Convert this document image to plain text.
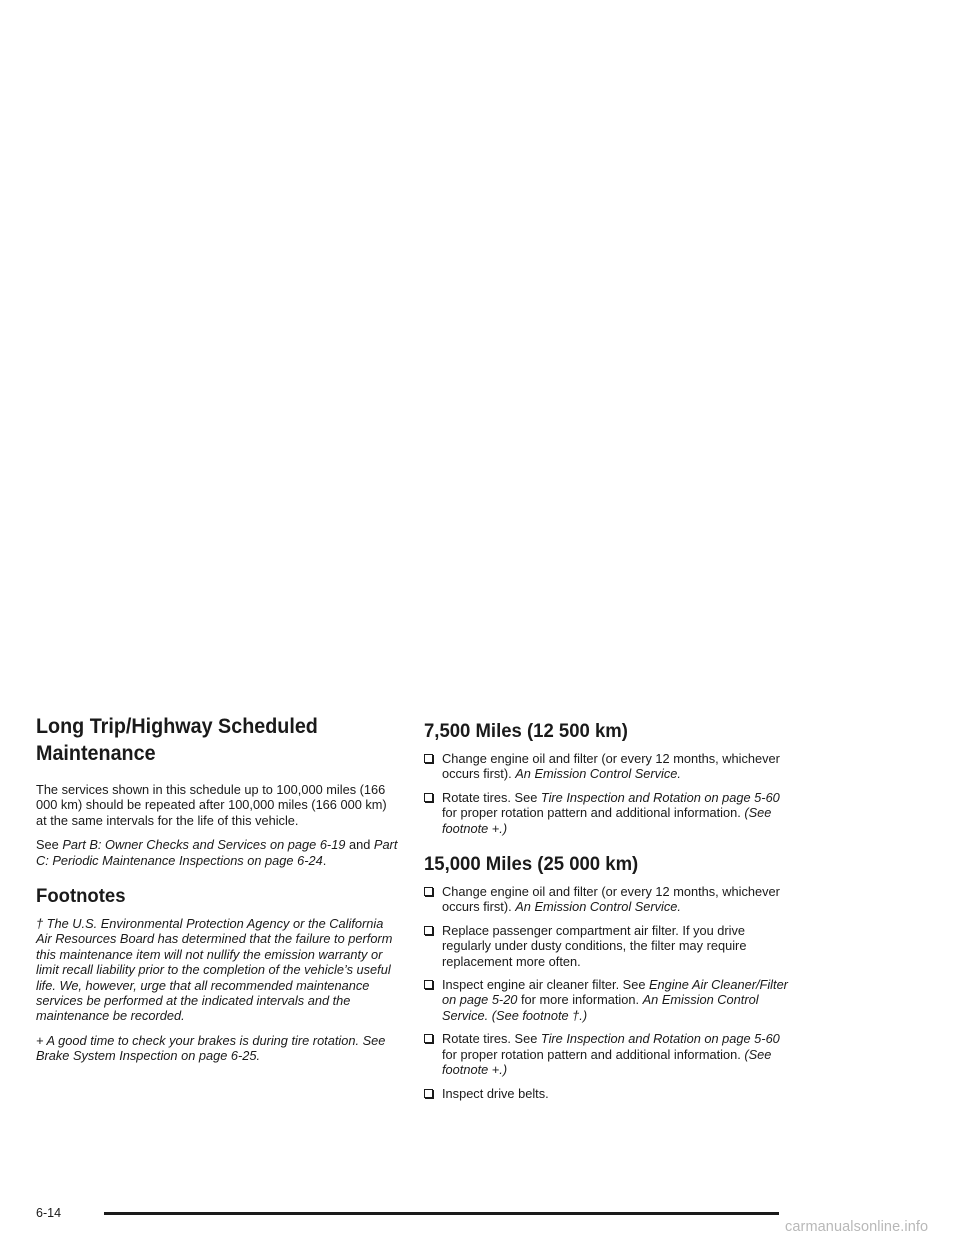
Long Trip/Highway Scheduled Maintenance

The services shown in this schedule up to 100,000 miles (166 000 km) should be repeated after 100,000 miles (166 000 km) at the same intervals for the life of this vehicle.

See Part B: Owner Checks and Services on page 6-19 and Part C: Periodic Maintenance Inspections on page 6-24.

Footnotes

† The U.S. Environmental Protection Agency or the California Air Resources Board has determined that the failure to perform this maintenance item will not nullify the emission warranty or limit recall liability prior to the completion of the vehicle’s useful life. We, however, urge that all recommended maintenance services be performed at the indicated intervals and the maintenance be recorded.

+ A good time to check your brakes is during tire rotation. See Brake System Inspection on page 6-25.

7,500 Miles (12 500 km)
Change engine oil and filter (or every 12 months, whichever occurs first). An Emission Control Service.
Rotate tires. See Tire Inspection and Rotation on page 5-60 for proper rotation pattern and additional information. (See footnote +.)
15,000 Miles (25 000 km)
Change engine oil and filter (or every 12 months, whichever occurs first). An Emission Control Service.
Replace passenger compartment air filter. If you drive regularly under dusty conditions, the filter may require replacement more often.
Inspect engine air cleaner filter. See Engine Air Cleaner/Filter on page 5-20 for more information. An Emission Control Service. (See footnote †.)
Rotate tires. See Tire Inspection and Rotation on page 5-60 for proper rotation pattern and additional information. (See footnote +.)
Inspect drive belts.
6-14
carmanualsonline.info
